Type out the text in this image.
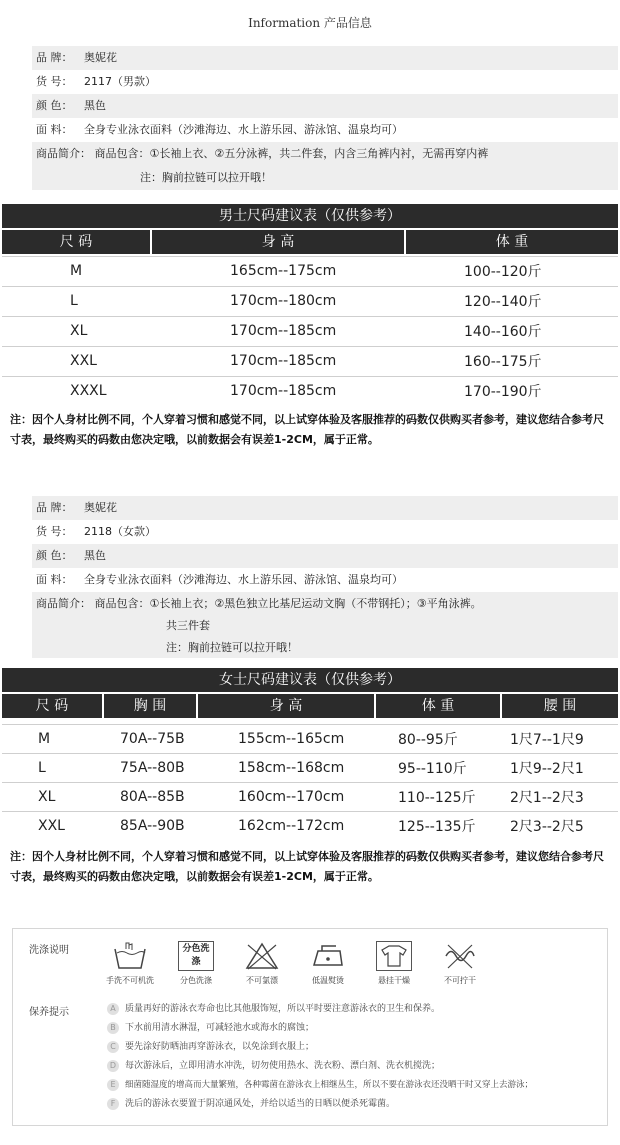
Information 产品信息
品 牌： 奥妮花
货 号： 2117（男款）
颜 色： 黑色
面 料： 全身专业泳衣面料（沙滩海边、水上游乐园、游泳馆、温泉均可）
商品简介： 商品包含：①长袖上衣、②五分泳裤，共二件套，内含三角裤内衬，无需再穿内裤
注：胸前拉链可以拉开哦！
男士尺码建议表（仅供参考）
尺 码	身 高	体 重
M	165cm--175cm	100--120斤
L	170cm--180cm	120--140斤
XL	170cm--185cm	140--160斤
XXL	170cm--185cm	160--175斤
XXXL	170cm--185cm	170--190斤
注：因个人身材比例不同，个人穿着习惯和感觉不同，以上试穿体验及客服推荐的码数仅供购买者参考，建议您结合参考尺寸表，最终购买的码数由您决定哦，以前数据会有误差1-2CM，属于正常。
品 牌： 奥妮花
货 号： 2118（女款）
颜 色： 黑色
面 料： 全身专业泳衣面料（沙滩海边、水上游乐园、游泳馆、温泉均可）
商品简介： 商品包含：①长袖上衣；②黑色独立比基尼运动文胸（不带钢托）；③平角泳裤。
共三件套
注：胸前拉链可以拉开哦！
女士尺码建议表（仅供参考）
尺 码	胸 围	身 高	体 重	腰 围
M	70A--75B	155cm--165cm	80--95斤	1尺7--1尺9
L	75A--80B	158cm--168cm	95--110斤	1尺9--2尺1
XL	80A--85B	160cm--170cm	110--125斤 2尺1--2尺3
XXL	85A--90B	162cm--172cm	125--135斤 2尺3--2尺5
注：因个人身材比例不同，个人穿着习惯和感觉不同，以上试穿体验及客服推荐的码数仅供购买者参考，建议您结合参考尺寸表，最终购买的码数由您决定哦，以前数据会有误差1-2CM，属于正常。
洗涤说明
手洗不可机洗
分色洗涤
分色洗涤	不可氯漂	低温熨烫	悬挂干燥	不可拧干
保养提示	A 质量再好的游泳衣寿命也比其他服饰短，所以平时要注意游泳衣的卫生和保养。
B 下水前用清水淋湿，可减轻池水或海水的腐蚀；
C 要先涂好防晒油再穿游泳衣，以免涂到衣服上；
D 每次游泳后，立即用清水冲洗，切勿使用热水、洗衣粉、漂白剂、洗衣机搅洗；
E 细菌随湿度的增高而大量繁殖，各种霉菌在游泳衣上相继丛生，所以不要在游泳衣还没晒干时又穿上去游泳；
F 洗后的游泳衣要置于阴凉通风处，并给以适当的日晒以便杀死霉菌。
